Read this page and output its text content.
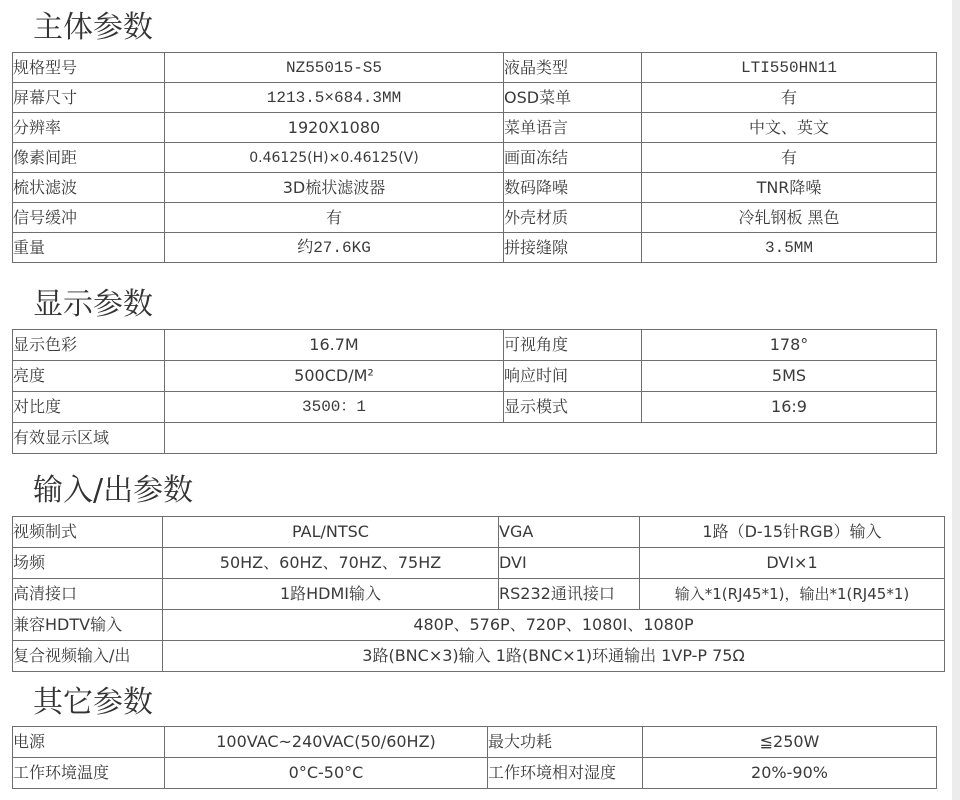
主体参数
规格型号	NZ55015-S5	液晶类型	LTI550HN11
屏幕尺寸	1213.5×684.3MM	OSD菜单	有
分辨率	1920X1080	菜单语言	中文、英文
像素间距	0.46125(H)×0.46125(V)	画面冻结	有
梳状滤波	3D梳状滤波器	数码降噪	TNR降噪
信号缓冲	有	外壳材质	冷轧钢板 黑色
重量	约27.6KG	拼接缝隙	3.5MM
显示参数
显示色彩	16.7M	可视角度	178°
亮度	500CD/M²	响应时间	5MS
对比度	3500：1	显示模式	16:9
有效显示区域			
输入/出参数
视频制式	PAL/NTSC	VGA	1路（D-15针RGB）输入
场频	50HZ、60HZ、70HZ、75HZ	DVI	DVI×1
高清接口	1路HDMI输入	RS232通讯接口	输入*1(RJ45*1)，输出*1(RJ45*1)
兼容HDTV输入	480P、576P、720P、1080I、1080P		
复合视频输入/出	3路(BNC×3)输入 1路(BNC×1)环通输出 1VP-P 75Ω		
其它参数
电源	100VAC~240VAC(50/60HZ)	最大功耗	≦250W
工作环境温度	0°C-50°C	工作环境相对湿度	20%-90%
